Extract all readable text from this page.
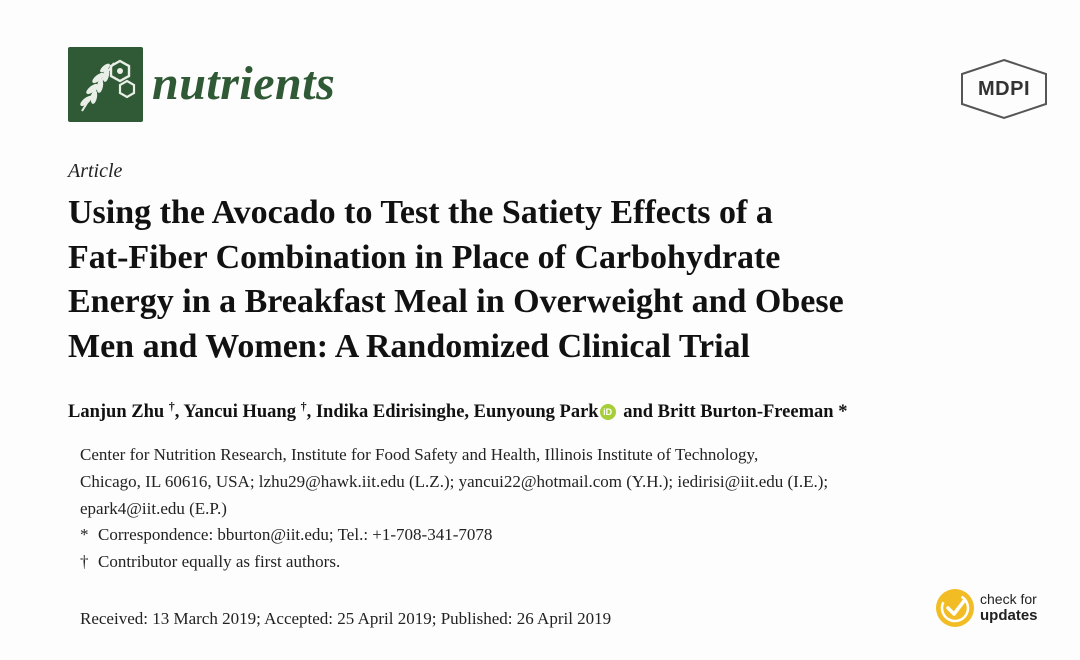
nutrients	MDPI
Article
Using the Avocado to Test the Satiety Effects of a
Fat-Fiber Combination in Place of Carbohydrate
Energy in a Breakfast Meal in Overweight and Obese
Men and Women: A Randomized Clinical Trial
Lanjun Zhu †, Yancui Huang †, Indika Edirisinghe, Eunyoung Park iD and Britt Burton-Freeman *
Center for Nutrition Research, Institute for Food Safety and Health, Illinois Institute of Technology,
Chicago, IL 60616, USA; lzhu29@hawk.iit.edu (L.Z.); yancui22@hotmail.com (Y.H.); iedirisi@iit.edu (I.E.);
epark4@iit.edu (E.P.)
* Correspondence: bburton@iit.edu; Tel.: +1-708-341-7078
† Contributor equally as first authors.
Received: 13 March 2019; Accepted: 25 April 2019; Published: 26 April 2019
check for
updates
